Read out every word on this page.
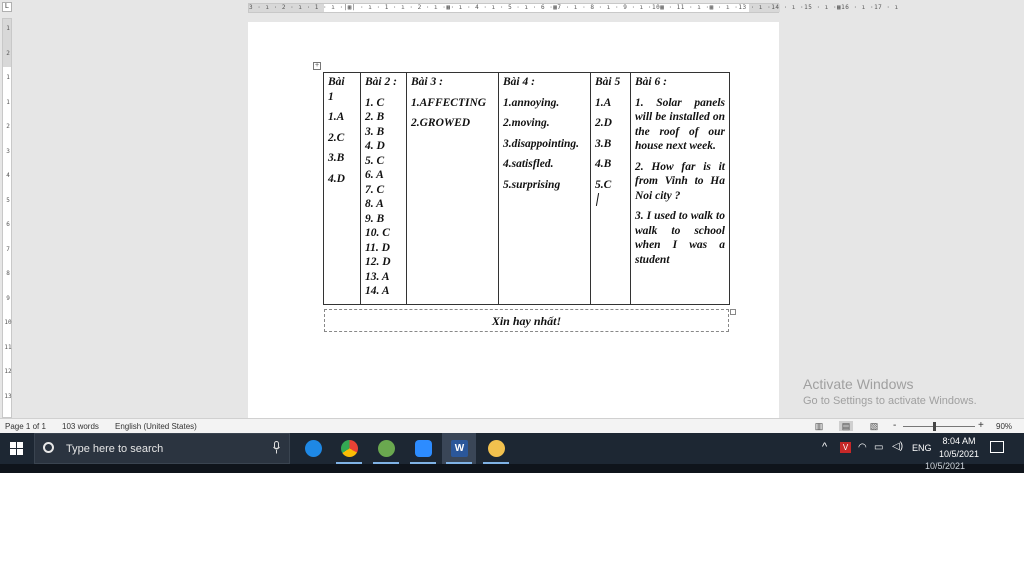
L	3 · ı · 2 · ı · 1 · ı ·|▦| · ı · 1 · ı · 2 · ı ·▦· ı · 4 · ı · 5 · ı · 6 ·▦7 · ı · 8 · ı · 9 · ı ·10▦ · 11 · ı ·▦ · ı ·13 · ı ·14 · ı ·15 · ı ·▦16 · ı ·17 · ı
1
2
1
1
2
3
4
5
6
7
8
9
10
11
12
13
+
Bài
1
1.A
2.C
3.B
4.D

Bài 2 :
1. C
2. B
3. B
4. D
5. C
6. A
7. C
8. A
9. B
10. C
11. D
12. D
13. A
14. A

Bài 3 :
1.AFFECTING
2.GROWED

Bài 4 :
1.annoying.
2.moving.
3.disappointing.
4.satisfled.
5.surprising

Bài 5
1.A
2.D
3.B
4.B
5.C

Bài 6 :
1. Solar panels will be installed on the roof of our house next week.
2. How far is it from Vinh to Ha Noi city ?
3. I used to walk to walk to school when I was a student
Xin hay nhất!
Activate Windows
Go to Settings to activate Windows.
Page 1 of 1 103 words English (United States)	▥	▤	▧ -	+ 90%
Type here to search	W	^	V ◠ ▭ ◁) ENG
8:04 AM
10/5/2021
10/5/2021
